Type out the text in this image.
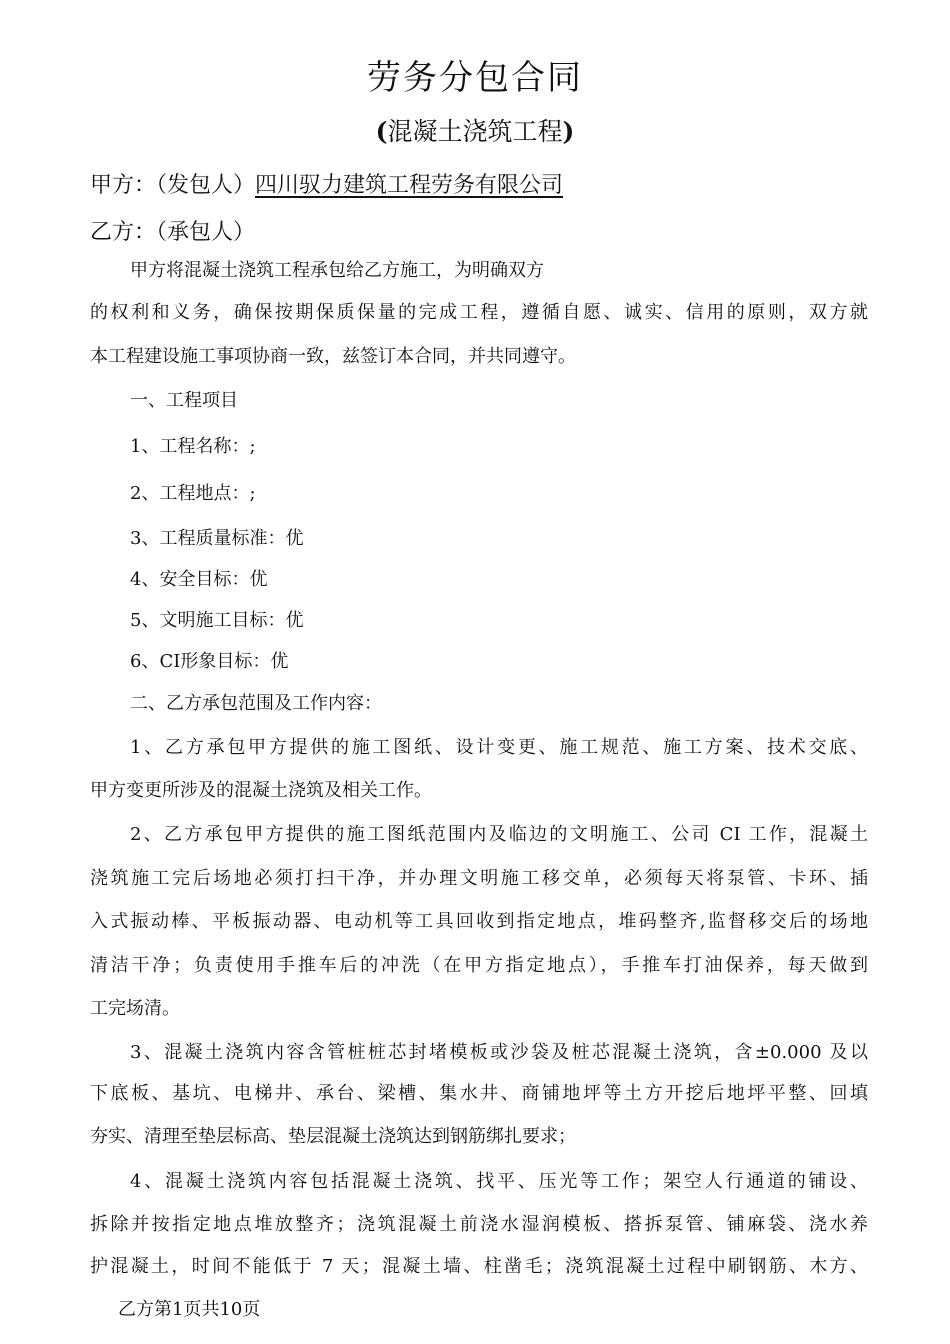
劳务分包合同
(混凝土浇筑工程)
甲方：（发包人）四川驭力建筑工程劳务有限公司
乙方：（承包人）
甲方将混凝土浇筑工程承包给乙方施工，为明确双方
的权利和义务，确保按期保质保量的完成工程，遵循自愿、诚实、信用的原则，双方就
本工程建设施工事项协商一致，兹签订本合同，并共同遵守。
一、工程项目
1、工程名称：;
2、工程地点：;
3、工程质量标准：优
4、安全目标：优
5、文明施工目标：优
6、CI形象目标：优
二、乙方承包范围及工作内容：
1、乙方承包甲方提供的施工图纸、设计变更、施工规范、施工方案、技术交底、
甲方变更所涉及的混凝土浇筑及相关工作。
2、乙方承包甲方提供的施工图纸范围内及临边的文明施工、公司 CI 工作，混凝土
浇筑施工完后场地必须打扫干净，并办理文明施工移交单，必须每天将泵管、卡环、插
入式振动棒、平板振动器、电动机等工具回收到指定地点，堆码整齐,监督移交后的场地
清洁干净；负责使用手推车后的冲洗（在甲方指定地点），手推车打油保养，每天做到
工完场清。
3、混凝土浇筑内容含管桩桩芯封堵模板或沙袋及桩芯混凝土浇筑，含±0.000 及以
下底板、基坑、电梯井、承台、梁槽、集水井、商铺地坪等土方开挖后地坪平整、回填
夯实、清理至垫层标高、垫层混凝土浇筑达到钢筋绑扎要求；
4、混凝土浇筑内容包括混凝土浇筑、找平、压光等工作；架空人行通道的铺设、
拆除并按指定地点堆放整齐；浇筑混凝土前浇水湿润模板、搭拆泵管、铺麻袋、浇水养
护混凝土，时间不能低于 7 天；混凝土墙、柱凿毛；浇筑混凝土过程中刷钢筋、木方、
乙方第1页共10页
